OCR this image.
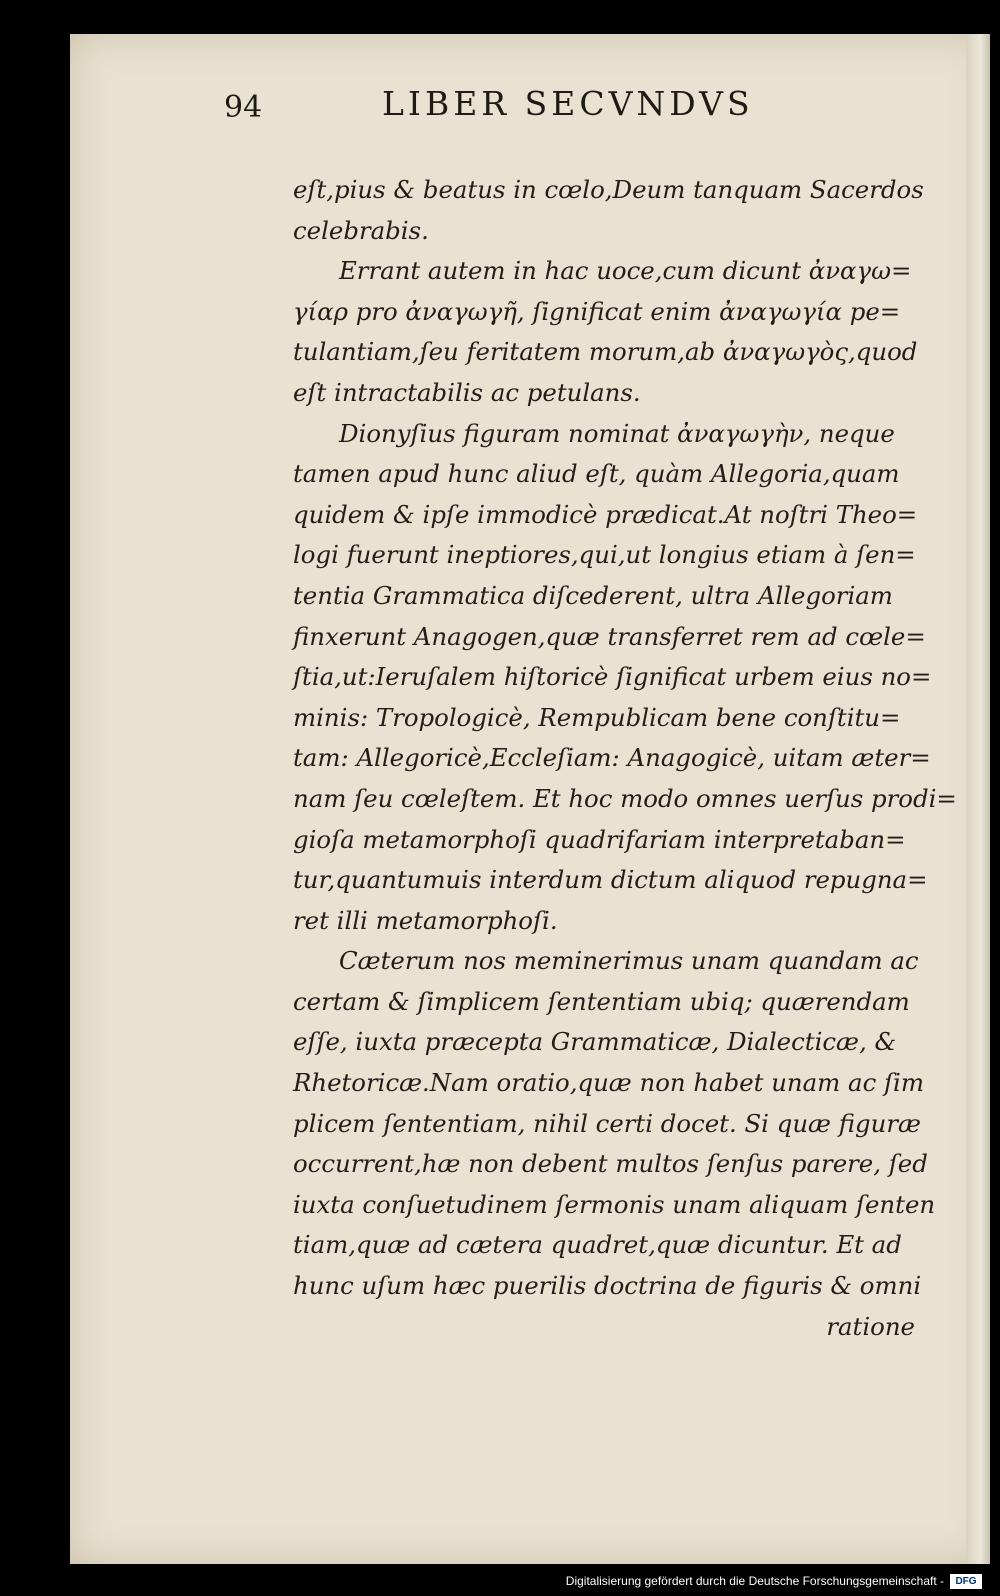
94	LIBER SECVNDVS
eſt,pius & beatus in cœlo,Deum tanquam Sacerdos
celebrabis.
Errant autem in hac uoce,cum dicunt ἀναγω=
γίαρ pro ἀναγωγῆ, ſignificat enim ἀναγωγία pe=
tulantiam,ſeu feritatem morum,ab ἀναγωγὸς,quod
eſt intractabilis ac petulans.
Dionyſius figuram nominat ἀναγωγὴν, neque
tamen apud hunc aliud eſt, quàm Allegoria,quam
quidem & ipſe immodicè prædicat.At noſtri Theo=
logi fuerunt ineptiores,qui,ut longius etiam à ſen=
tentia Grammatica diſcederent, ultra Allegoriam
finxerunt Anagogen,quæ transferret rem ad cœle=
ſtia,ut:Ieruſalem hiſtoricè ſignificat urbem eius no=
minis: Tropologicè, Rempublicam bene conſtitu=
tam: Allegoricè,Eccleſiam: Anagogicè, uitam æter=
nam ſeu cœleſtem. Et hoc modo omnes uerſus prodi=
gioſa metamorphoſi quadrifariam interpretaban=
tur,quantumuis interdum dictum aliquod repugna=
ret illi metamorphoſi.
Cæterum nos meminerimus unam quandam ac
certam & ſimplicem ſententiam ubiq; quærendam
eſſe, iuxta præcepta Grammaticæ, Dialecticæ, &
Rhetoricæ.Nam oratio,quæ non habet unam ac ſim
plicem ſententiam, nihil certi docet. Si quæ figuræ
occurrent,hæ non debent multos ſenſus parere, ſed
iuxta conſuetudinem ſermonis unam aliquam ſenten
tiam,quæ ad cætera quadret,quæ dicuntur. Et ad
hunc uſum hæc puerilis doctrina de figuris & omni
ratione
Digitalisierung gefördert durch die Deutsche Forschungsgemeinschaft -	DFG
